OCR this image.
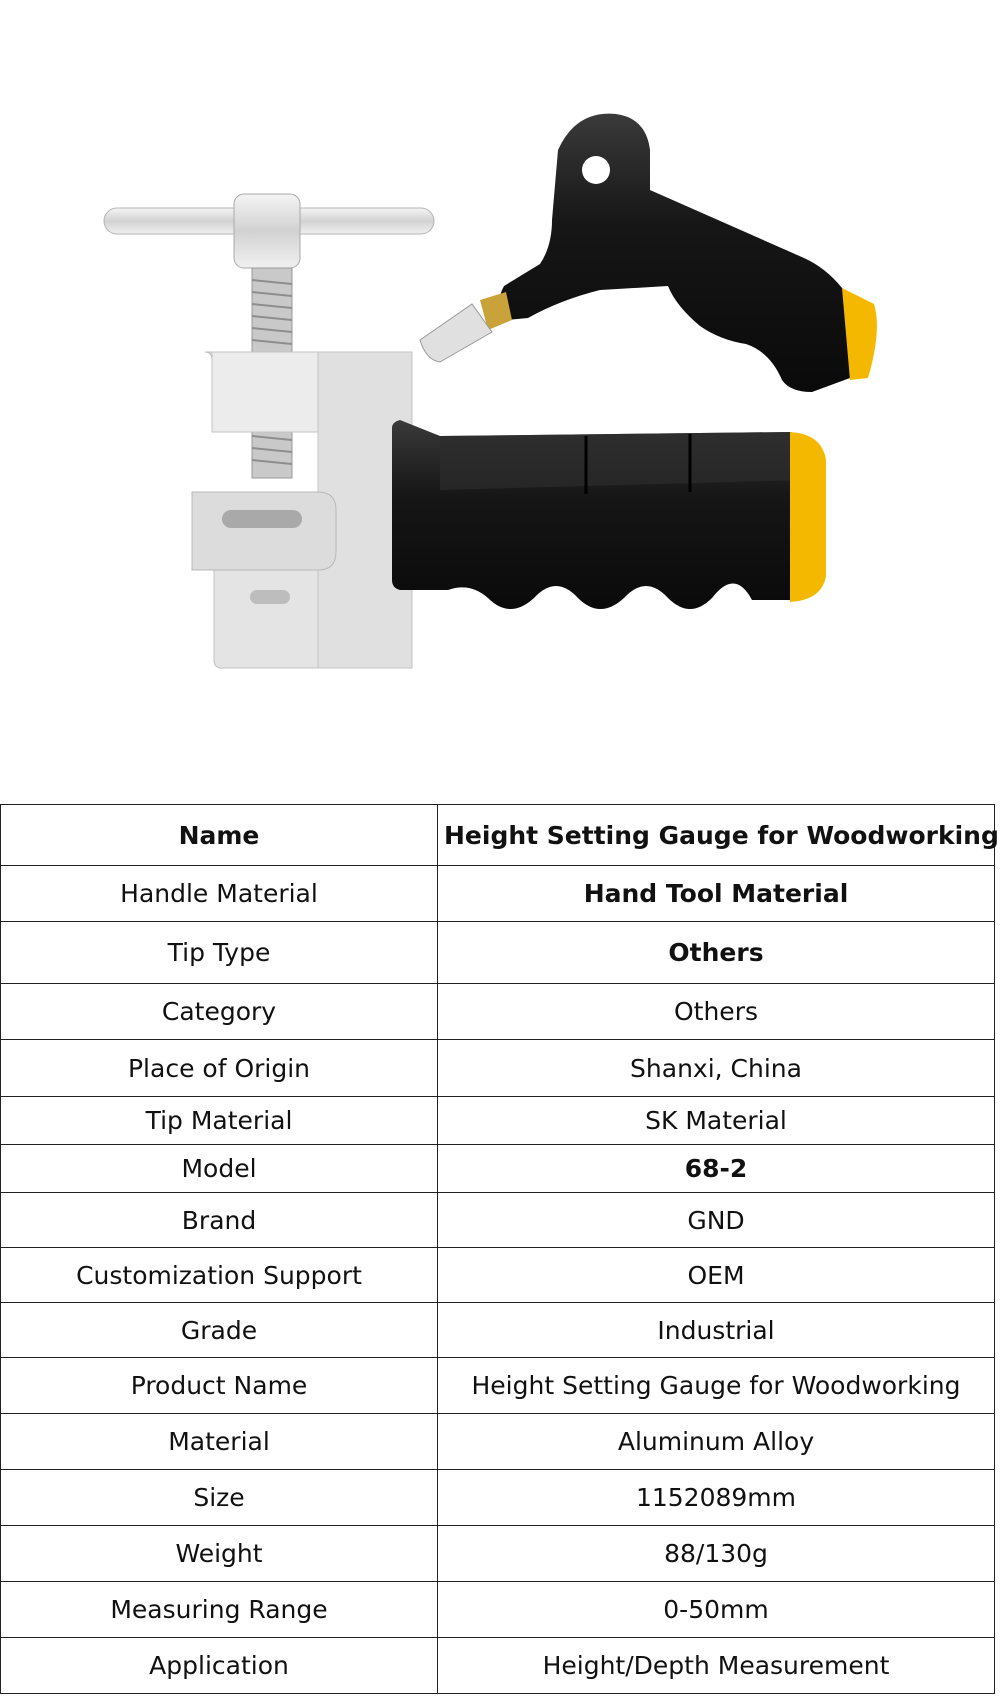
Name	Height Setting Gauge for Woodworking
Handle Material	Hand Tool Material
Tip Type	Others
Category	Others
Place of Origin	Shanxi, China
Tip Material	SK Material
Model	68-2
Brand	GND
Customization Support	OEM
Grade	Industrial
Product Name	Height Setting Gauge for Woodworking
Material	Aluminum Alloy
Size	1152089mm
Weight	88/130g
Measuring Range	0-50mm
Application	Height/Depth Measurement
